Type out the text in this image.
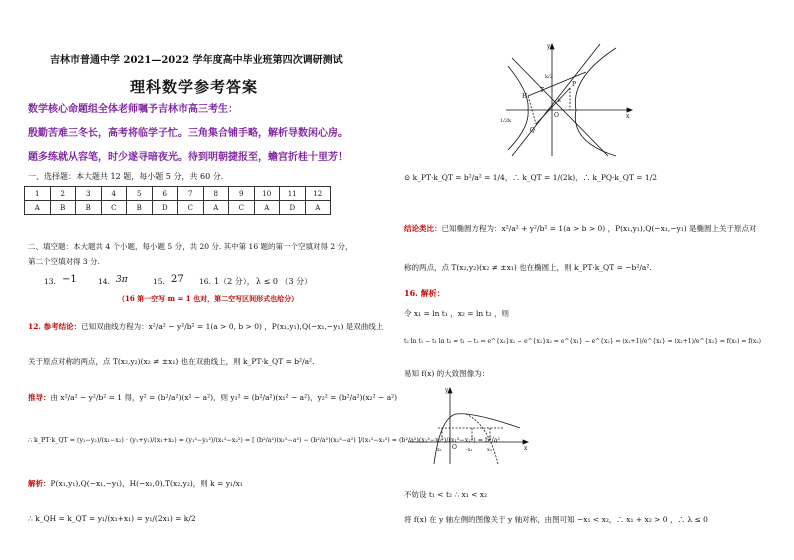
吉林市普通中学 2021—2022 学年度高中毕业班第四次调研测试
理科数学参考答案
数学核心命题组全体老师嘱予吉林市高三考生：
殷勤苦难三冬长，高考将临学子忙。三角集合铺手略，解析导数闲心房。
题多练就从容笔，时少遂寻暗夜光。待到明朝捷报至，蟾宫折桂十里芳！
一、选择题：本大题共 12 题，每小题 5 分，共 60 分.
1	2	3	4	5	6	7	8	9	10	11	12
A	B	B	C	B	D	C	A	C	A	D	A
二、填空题：本大题共 4 个小题，每小题 5 分，共 20 分. 其中第 16 题的第一个空填对得 2 分，
第二个空填对得 3 分.
13. −1	14. 3π	15. 27 16. 1（2 分）， λ ≤ 0 （3 分）
（16 第一空写 m = 1 也对，第二空写区间形式也给分）
12. 参考结论：已知双曲线方程为：x²/a² − y²/b² = 1(a > 0, b > 0) ，P(x₁,y₁),Q(−x₁,−y₁) 是双曲线上
关于原点对称的两点，点 T(x₂,y₂)(x₂ ≠ ±x₁) 也在双曲线上，则 k_PT·k_QT = b²/a².
推导：由 x²/a² − y²/b² = 1 得，y² = (b²/a²)(x² − a²)，则 y₁² = (b²/a²)(x₁² − a²)，y₂² = (b²/a²)(x₂² − a²)
∴ k_PT·k_QT = (y₁−y₂)/(x₁−x₂) · (y₁+y₂)/(x₁+x₂) = (y₁²−y₂²)/(x₁²−x₂²) = [ (b²/a²)(x₁²−a²) − (b²/a²)(x₂²−a²) ]/(x₁²−x₂²) = (b²/a²)(x₁²−x₂²)/(x₁²−x₂²) = b²/a²
解析：P(x₁,y₁),Q(−x₁,−y₁)，H(−x₁,0),T(x₂,y₂)，则 k = y₁/x₁
∴ k_QH = k_QT = y₁/(x₁+x₁) = y₁/(2x₁) = k/2
y
x
H
T
P
O
Q
k
k/2
1/2k
⊙ k_PT·k_QT = b²/a² = 1/4，∴ k_QT = 1/(2k)，∴ k_PQ·k_QT = 1/2
结论类比：已知椭圆方程为：x²/a² + y²/b² = 1(a > b > 0) ，P(x₁,y₁),Q(−x₁,−y₁) 是椭圆上关于原点对
称的两点，点 T(x₂,y₂)(x₂ ≠ ±x₁) 也在椭圆上，则 k_PT·k_QT = −b²/a².
16. 解析：
令 x₁ = ln t₁ ，x₂ = ln t₂ ，则
t₂ ln t₁ − t₁ ln t₂ = t₁ − t₂ ⇔ e^{x₂}x₁ − e^{x₁}x₂ = e^{x₁} − e^{x₂} ⇔ (x₁+1)/e^{x₁} = (x₂+1)/e^{x₂} ⇔ f(x₁) = f(x₂)
易知 f(x) 的大致图像为：
y
x
O
x₁	-x₁	x₂
不妨设 t₁ < t₂ ∴ x₁ < x₂
将 f(x) 在 y 轴左侧的图像关于 y 轴对称，由图可知 −x₁ < x₂，∴ x₁ + x₂ > 0 ，∴ λ ≤ 0
